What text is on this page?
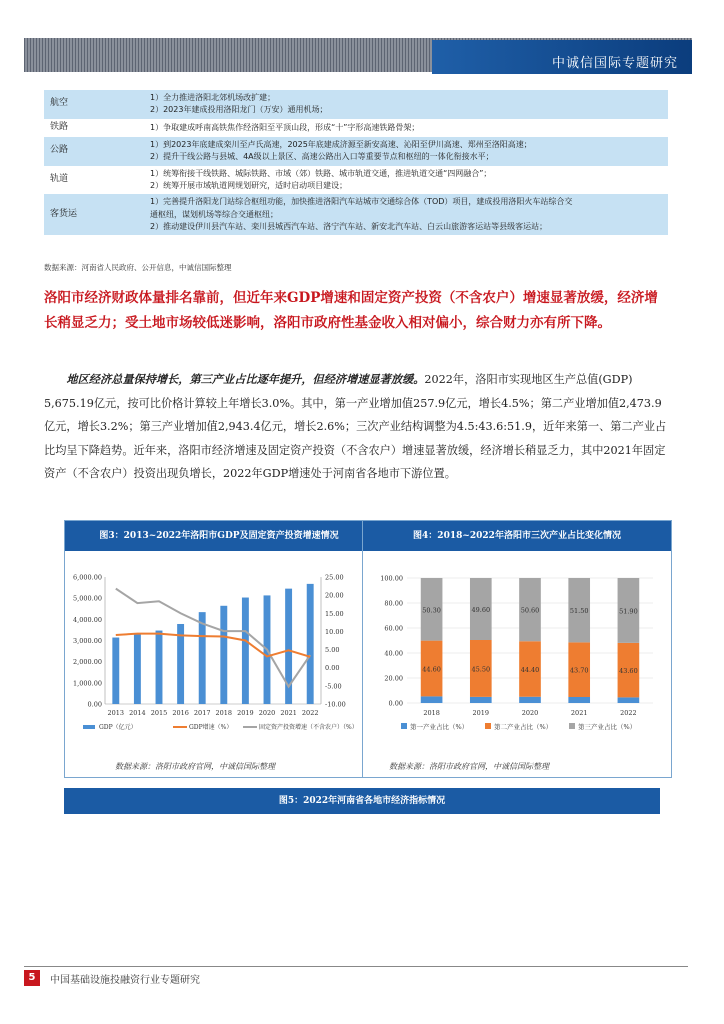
中诚信国际专题研究
航空	1）全力推进洛阳北郊机场改扩建；
2）2023年建成投用洛阳龙门（万安）通用机场；

铁路	1）争取建成呼南高铁焦作经洛阳至平顶山段，形成“十”字形高速铁路骨架；

公路	1）到2023年底建成栾川至卢氏高速，2025年底建成济源至新安高速、沁阳至伊川高速、郑州至洛阳高速；
2）提升干线公路与县城、4A级以上景区、高速公路出入口等重要节点和枢纽的一体化衔接水平；

轨道	1）统筹衔接干线铁路、城际铁路、市域（郊）铁路、城市轨道交通，推进轨道交通“四网融合”；
2）统筹开展市域轨道网规划研究，适时启动项目建设；

客货运	1）完善提升洛阳龙门站综合枢纽功能，加快推进洛阳汽车站城市交通综合体（TOD）项目，建成投用洛阳火车站综合交
通枢纽，谋划机场等综合交通枢纽；
2）推动建设伊川县汽车站、栾川县城西汽车站、洛宁汽车站、新安北汽车站、白云山旅游客运站等县级客运站；
数据来源：河南省人民政府、公开信息，中诚信国际整理

洛阳市经济财政体量排名靠前，但近年来GDP增速和固定资产投资（不含农户）增速显著放缓，经济增长稍显乏力；受土地市场较低迷影响，洛阳市政府性基金收入相对偏小，综合财力亦有所下降。

地区经济总量保持增长，第三产业占比逐年提升，但经济增速显著放缓。2022年，洛阳市实现地区生产总值(GDP) 5,675.19亿元，按可比价格计算较上年增长3.0%。其中，第一产业增加值257.9亿元，增长4.5%；第二产业增加值2,473.9亿元，增长3.2%；第三产业增加值2,943.4亿元，增长2.6%；三次产业结构调整为4.5:43.6:51.9，近年来第一、第二产业占比均呈下降趋势。近年来，洛阳市经济增速及固定资产投资（不含农户）增速显著放缓，经济增长稍显乏力，其中2021年固定资产（不含农户）投资出现负增长，2022年GDP增速处于河南省各地市下游位置。

图3：2013~2022年洛阳市GDP及固定资产投资增速情况
0.00
1,000.00
2,000.00
3,000.00
4,000.00
5,000.00
6,000.00
-10.00
-5.00
0.00
5.00
10.00
15.00
20.00
25.00
2013 2014 2015 2016 2017 2018 2019 2020 2021 2022
GDP（亿元）	GDP增速（%）	固定资产投资增速（不含农户）（%）
数据来源：洛阳市政府官网，中诚信国际整理
图4：2018~2022年洛阳市三次产业占比变化情况
0.00
20.00
40.00
60.00
80.00
100.00
44.60
50.30
2018
45.50
49.60
2019
44.40
50.60
2020
43.70
51.50
2021
43.60
51.90
2022
第一产业占比（%）	第二产业占比（%）	第三产业占比（%）
数据来源：洛阳市政府官网，中诚信国际整理
图5：2022年河南省各地市经济指标情况
5	中国基础设施投融资行业专题研究
